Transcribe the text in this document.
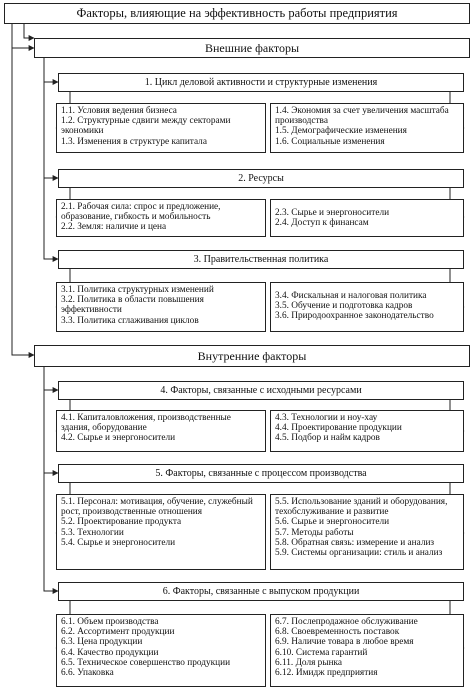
Факторы, влияющие на эффективность работы предприятия
Внешние факторы
1. Цикл деловой активности и структурные изменения
1.1. Условия ведения бизнеса
1.2. Структурные сдвиги между секторами экономики
1.3. Изменения в структуре капитала
1.4. Экономия за счет увеличения масштаба производства
1.5. Демографические изменения
1.6. Социальные изменения
2. Ресурсы
2.1. Рабочая сила: спрос и предложение, образование, гибкость и мобильность
2.2. Земля: наличие и цена
2.3. Сырье и энергоносители
2.4. Доступ к финансам
3. Правительственная политика
3.1. Политика структурных изменений
3.2. Политика в области повышения эффективности
3.3. Политика сглаживания циклов
3.4. Фискальная и налоговая политика
3.5. Обучение и подготовка кадров
3.6. Природоохранное законодательство
Внутренние факторы
4. Факторы, связанные с исходными ресурсами
4.1. Капиталовложения, производственные здания, оборудование
4.2. Сырье и энергоносители
4.3. Технологии и ноу-хау
4.4. Проектирование продукции
4.5. Подбор и найм кадров
5. Факторы, связанные с процессом производства
5.1. Персонал: мотивация, обучение, служебный рост, производственные отношения
5.2. Проектирование продукта
5.3. Технологии
5.4. Сырье и энергоносители
5.5. Использование зданий и оборудования, техобслуживание и развитие
5.6. Сырье и энергоносители
5.7. Методы работы
5.8. Обратная связь: измерение и анализ
5.9. Системы организации: стиль и анализ
6. Факторы, связанные с выпуском продукции
6.1. Объем производства
6.2. Ассортимент продукции
6.3. Цена продукции
6.4. Качество продукции
6.5. Техническое совершенство продукции
6.6. Упаковка
6.7. Послепродажное обслуживание
6.8. Своевременность поставок
6.9. Наличие товара в любое время
6.10. Система гарантий
6.11. Доля рынка
6.12. Имидж предприятия
